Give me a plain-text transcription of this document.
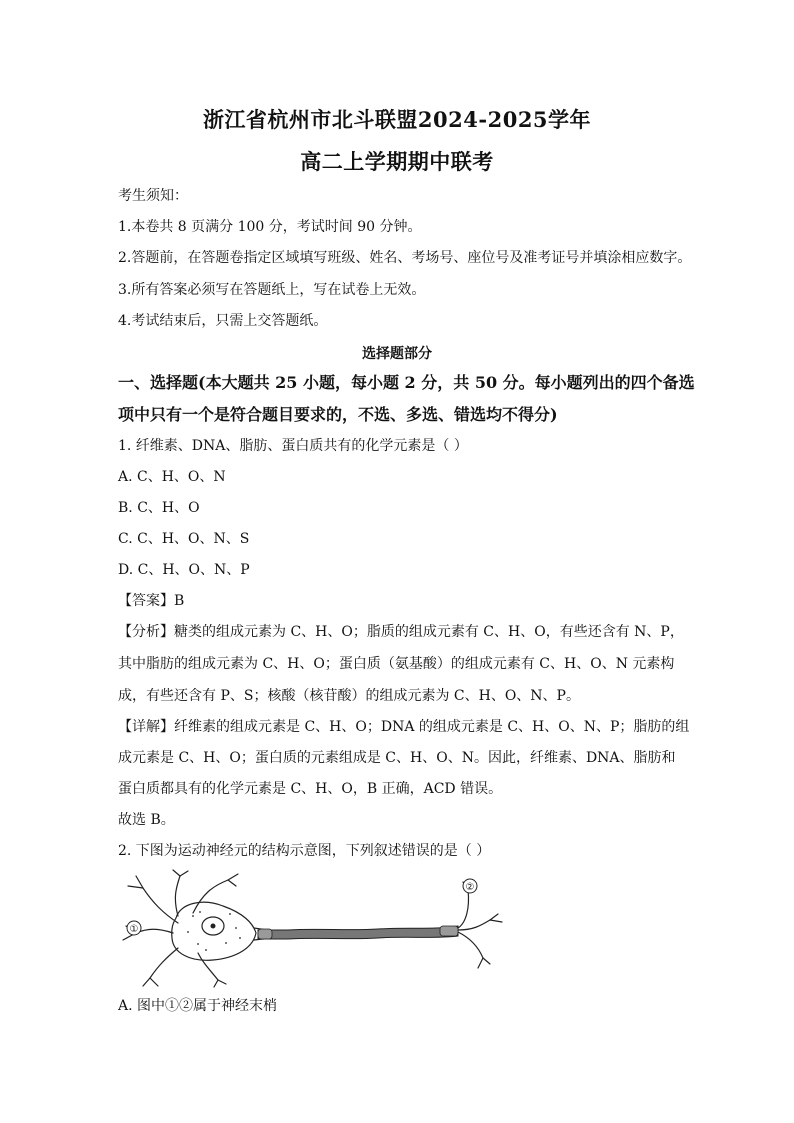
浙江省杭州市北斗联盟2024-2025学年
高二上学期期中联考
考生须知：
1.本卷共 8 页满分 100 分，考试时间 90 分钟。
2.答题前，在答题卷指定区域填写班级、姓名、考场号、座位号及准考证号并填涂相应数字。
3.所有答案必须写在答题纸上，写在试卷上无效。
4.考试结束后，只需上交答题纸。
选择题部分
一、选择题(本大题共 25 小题，每小题 2 分，共 50 分。每小题列出的四个备选
项中只有一个是符合题目要求的，不选、多选、错选均不得分)
1. 纤维素、DNA、脂肪、蛋白质共有的化学元素是（ ）
A. C、H、O、N
B. C、H、O
C. C、H、O、N、S
D. C、H、O、N、P
【答案】B
【分析】糖类的组成元素为 C、H、O；脂质的组成元素有 C、H、O，有些还含有 N、P，
其中脂肪的组成元素为 C、H、O；蛋白质（氨基酸）的组成元素有 C、H、O、N 元素构
成，有些还含有 P、S；核酸（核苷酸）的组成元素为 C、H、O、N、P。
【详解】纤维素的组成元素是 C、H、O；DNA 的组成元素是 C、H、O、N、P；脂肪的组
成元素是 C、H、O；蛋白质的元素组成是 C、H、O、N。因此，纤维素、DNA、脂肪和
蛋白质都具有的化学元素是 C、H、O，B 正确，ACD 错误。
故选 B。
2. 下图为运动神经元的结构示意图，下列叙述错误的是（ ）
①
②
A. 图中①②属于神经末梢
